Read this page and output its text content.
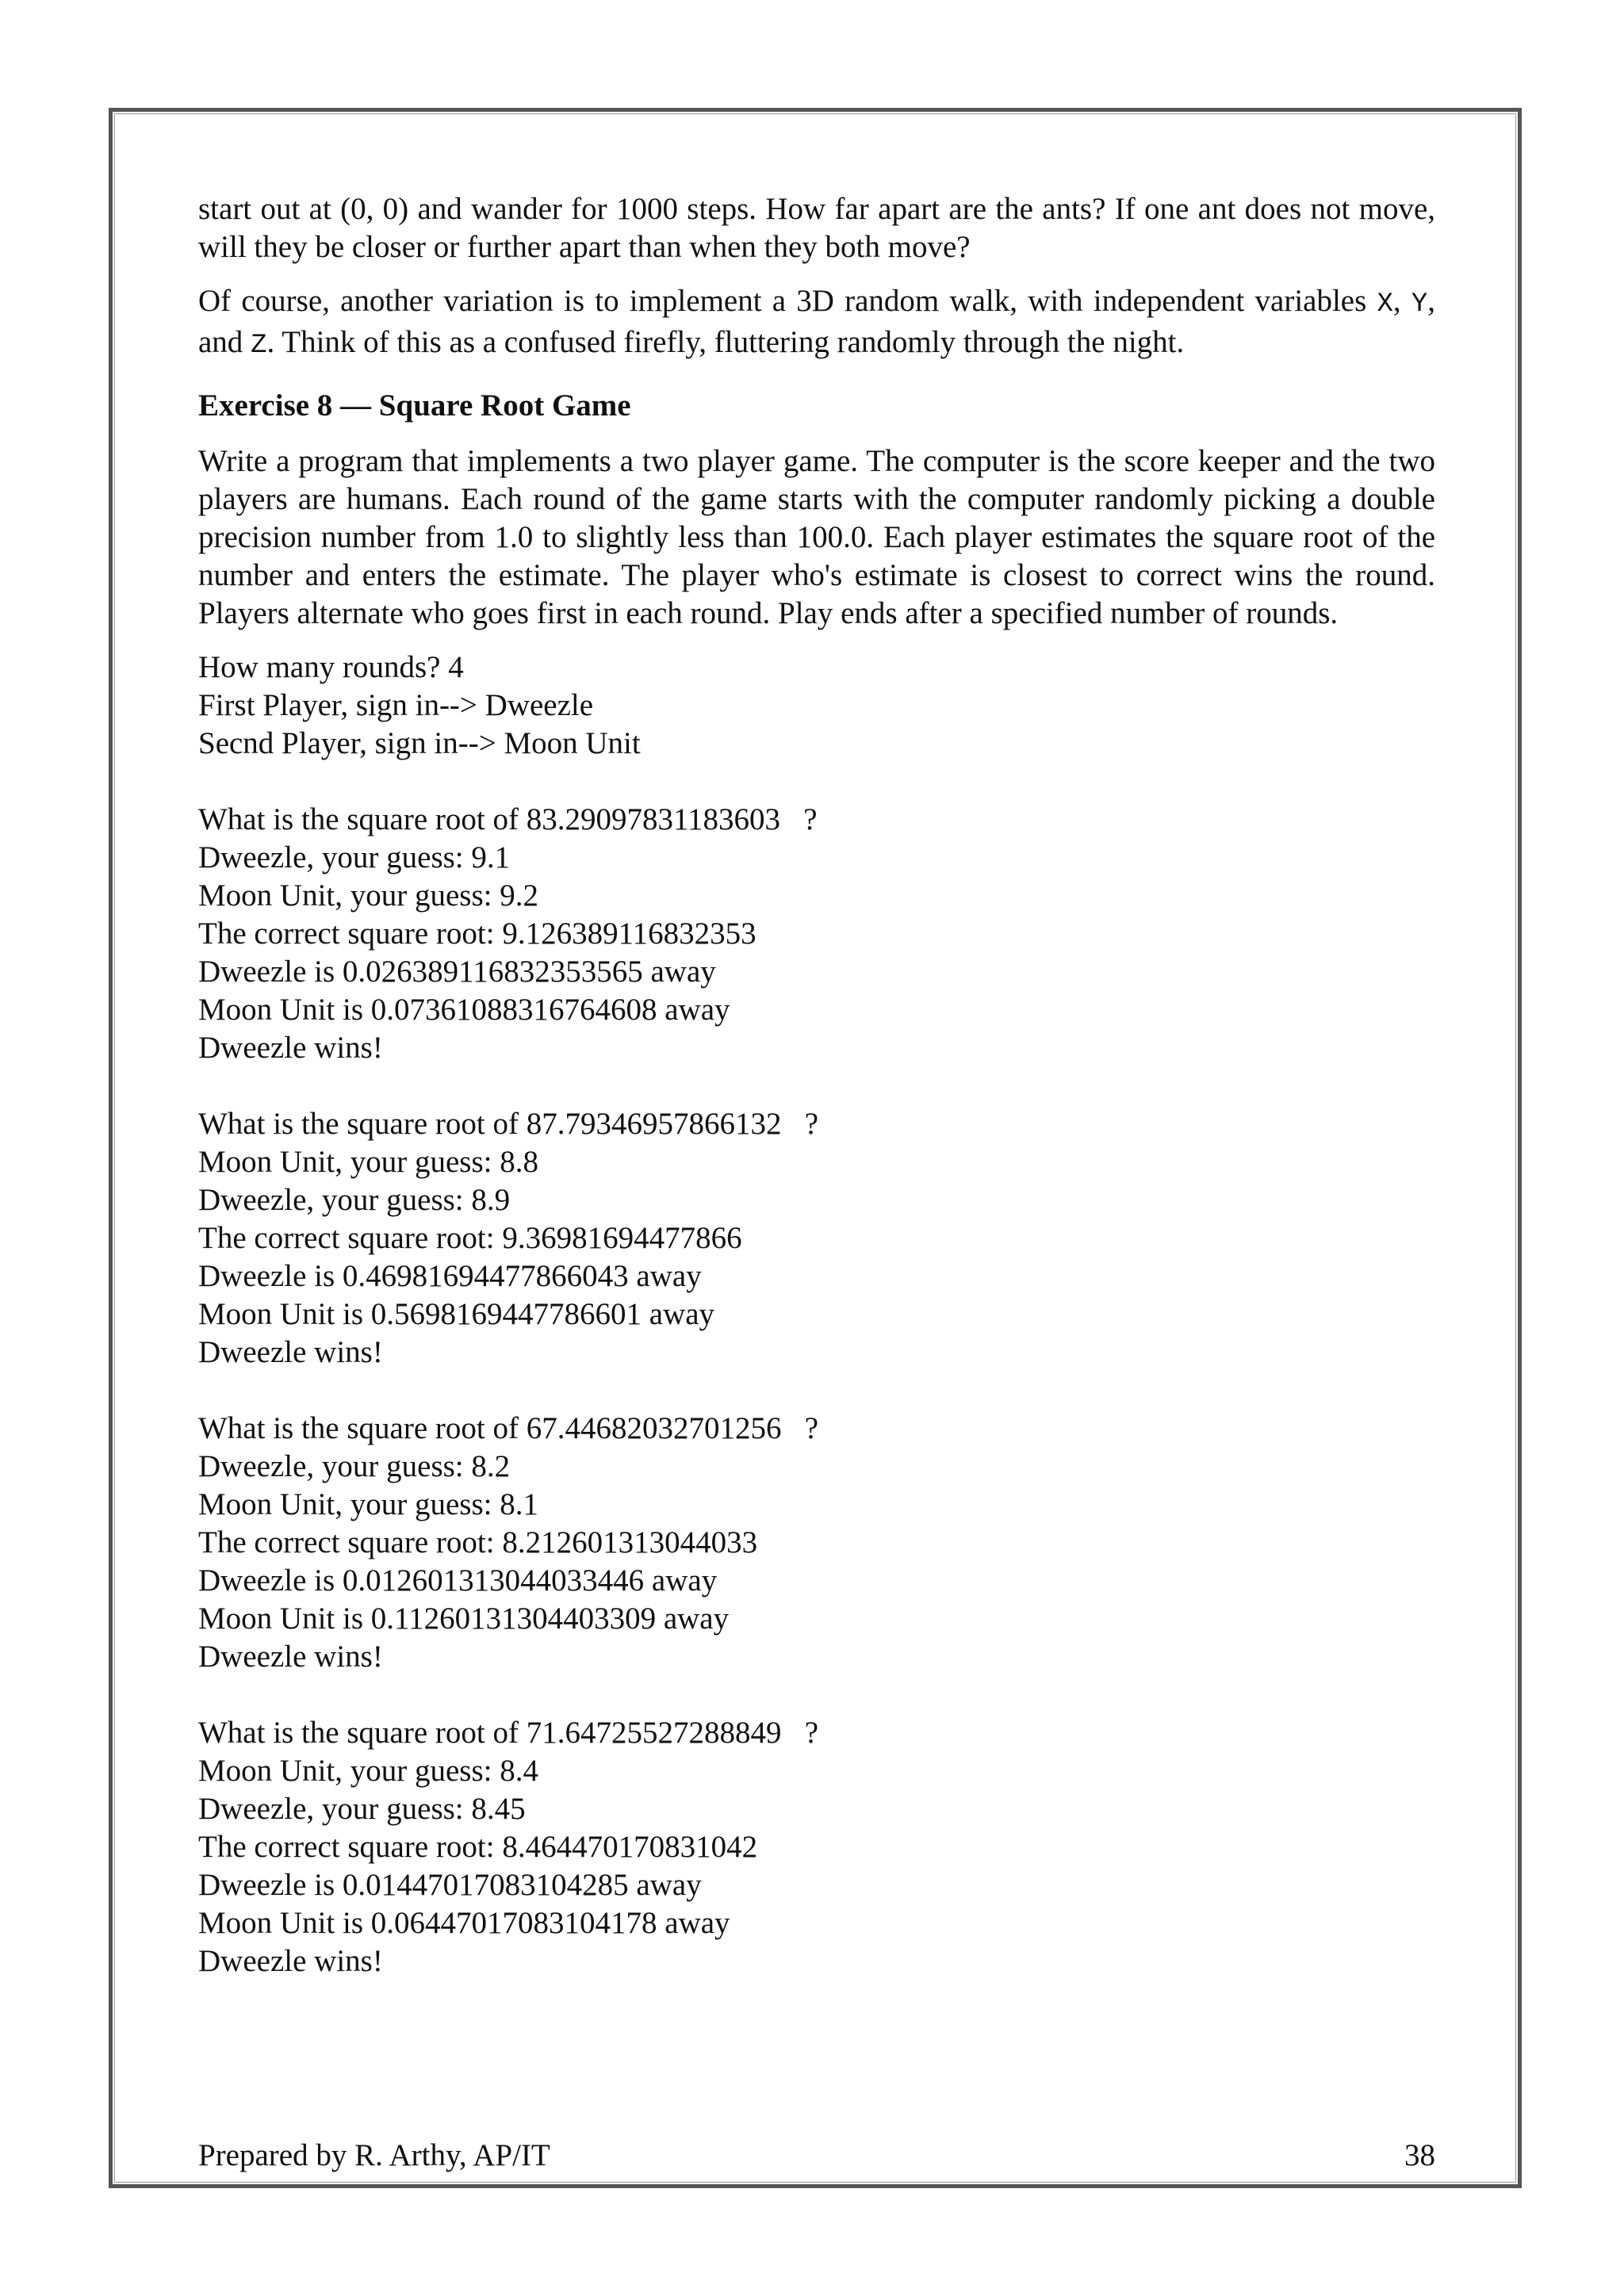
start out at (0, 0) and wander for 1000 steps. How far apart are the ants? If one ant does not move, will they be closer or further apart than when they both move?

Of course, another variation is to implement a 3D random walk, with independent variables X, Y, and Z. Think of this as a confused firefly, fluttering randomly through the night.

Exercise 8 — Square Root Game

Write a program that implements a two player game. The computer is the score keeper and the two players are humans. Each round of the game starts with the computer randomly picking a double precision number from 1.0 to slightly less than 100.0. Each player estimates the square root of the number and enters the estimate. The player who's estimate is closest to correct wins the round. Players alternate who goes first in each round. Play ends after a specified number of rounds.

How many rounds? 4
First Player, sign in--> Dweezle
Secnd Player, sign in--> Moon Unit
What is the square root of 83.29097831183603   ?
Dweezle, your guess: 9.1
Moon Unit, your guess: 9.2
The correct square root: 9.126389116832353
Dweezle is 0.026389116832353565 away
Moon Unit is 0.07361088316764608 away
Dweezle wins!
What is the square root of 87.79346957866132   ?
Moon Unit, your guess: 8.8
Dweezle, your guess: 8.9
The correct square root: 9.36981694477866
Dweezle is 0.46981694477866043 away
Moon Unit is 0.5698169447786601 away
Dweezle wins!
What is the square root of 67.44682032701256   ?
Dweezle, your guess: 8.2
Moon Unit, your guess: 8.1
The correct square root: 8.212601313044033
Dweezle is 0.012601313044033446 away
Moon Unit is 0.11260131304403309 away
Dweezle wins!
What is the square root of 71.64725527288849   ?
Moon Unit, your guess: 8.4
Dweezle, your guess: 8.45
The correct square root: 8.464470170831042
Dweezle is 0.01447017083104285 away
Moon Unit is 0.06447017083104178 away
Dweezle wins!
Prepared by R. Arthy, AP/IT	38
